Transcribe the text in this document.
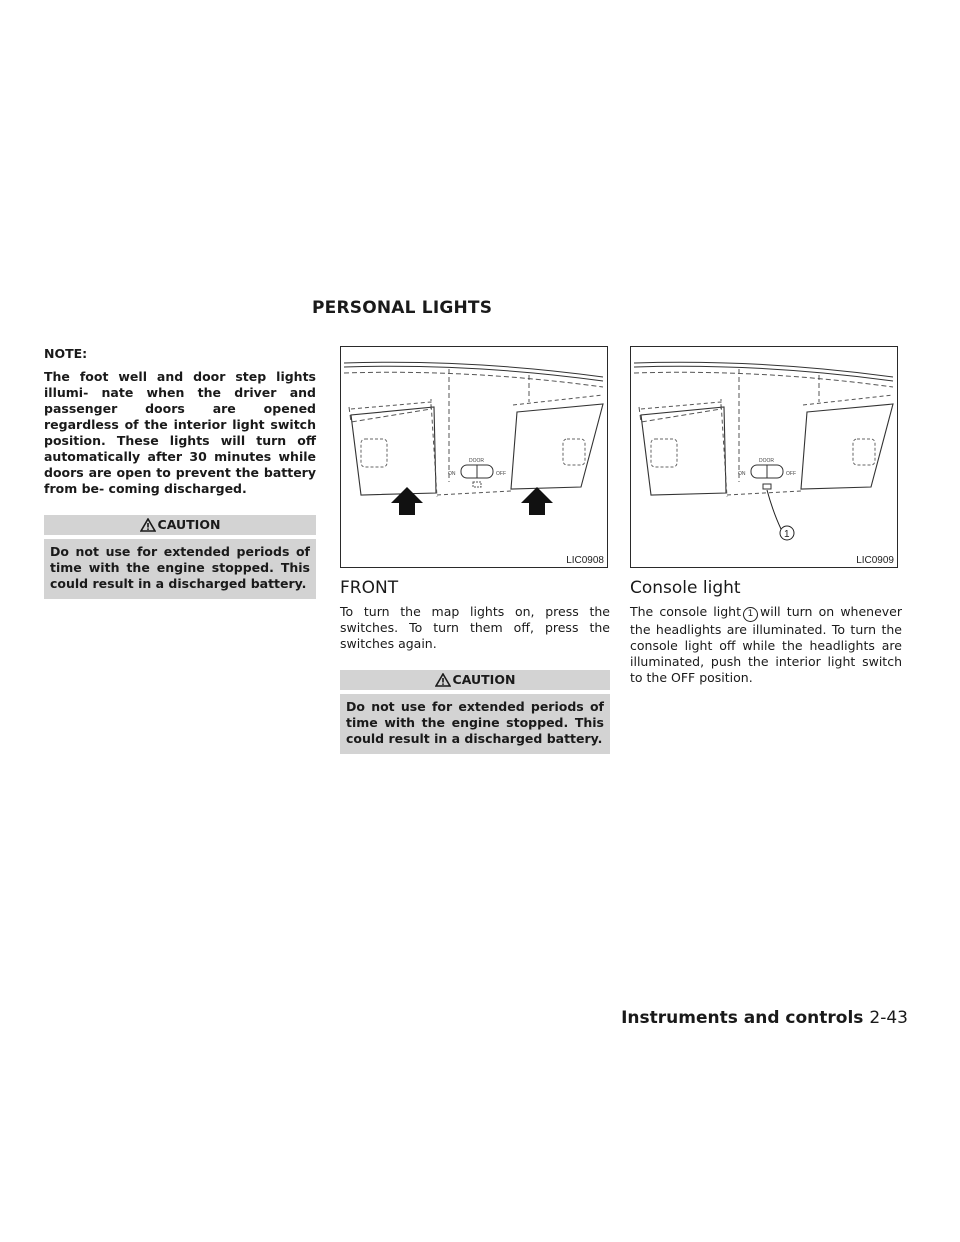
PERSONAL LIGHTS

NOTE:

The foot well and door step lights illumi- nate when the driver and passenger doors are opened regardless of the interior light switch position. These lights will turn off automatically after 30 minutes while doors are open to prevent the battery from be- coming discharged.

CAUTION
Do not use for extended periods of time with the engine stopped. This could result in a discharged battery.
DOOR
ON	OFF
LIC0908
FRONT

To turn the map lights on, press the switches. To turn them off, press the switches again.

CAUTION
Do not use for extended periods of time with the engine stopped. This could result in a discharged battery.
DOOR
ON	OFF
1
LIC0909
Console light

The console light 1 will turn on whenever the headlights are illuminated. To turn the console light off while the headlights are illuminated, push the interior light switch to the OFF position.

Instruments and controls 2-43
